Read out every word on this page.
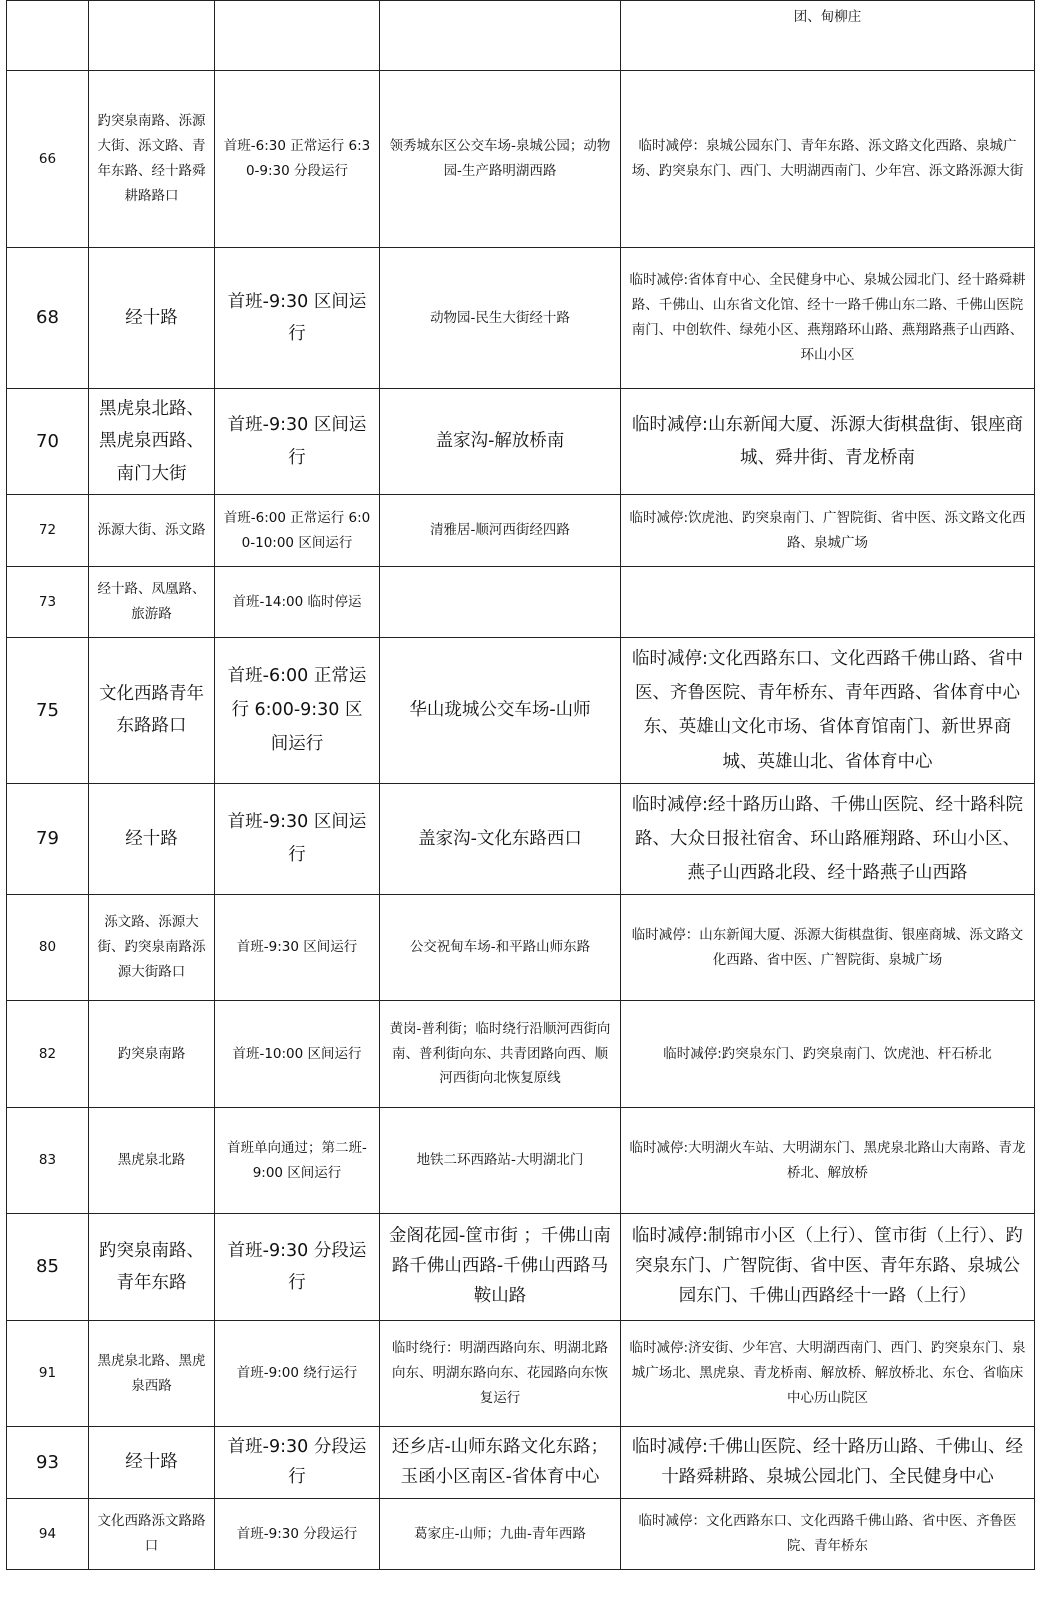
				团、甸柳庄
66	趵突泉南路、泺源大街、泺文路、青年东路、经十路舜耕路路口	首班-6:30 正常运行 6:30-9:30 分段运行	领秀城东区公交车场-泉城公园；动物园-生产路明湖西路	临时减停：泉城公园东门、青年东路、泺文路文化西路、泉城广场、趵突泉东门、西门、大明湖西南门、少年宫、泺文路泺源大街
68	经十路	首班-9:30 区间运行	动物园-民生大街经十路	临时减停:省体育中心、全民健身中心、泉城公园北门、经十路舜耕路、千佛山、山东省文化馆、经十一路千佛山东二路、千佛山医院南门、中创软件、绿苑小区、燕翔路环山路、燕翔路燕子山西路、环山小区
70	黑虎泉北路、黑虎泉西路、南门大街	首班-9:30 区间运行	盖家沟-解放桥南	临时减停:山东新闻大厦、泺源大街棋盘街、银座商城、舜井街、青龙桥南
72	泺源大街、泺文路	首班-6:00 正常运行 6:00-10:00 区间运行	清雅居-顺河西街经四路	临时减停:饮虎池、趵突泉南门、广智院街、省中医、泺文路文化西路、泉城广场
73	经十路、凤凰路、旅游路	首班-14:00 临时停运		
75	文化西路青年东路路口	首班-6:00 正常运行 6:00-9:30 区间运行	华山珑城公交车场-山师	临时减停:文化西路东口、文化西路千佛山路、省中医、齐鲁医院、青年桥东、青年西路、省体育中心东、英雄山文化市场、省体育馆南门、新世界商城、英雄山北、省体育中心
79	经十路	首班-9:30 区间运行	盖家沟-文化东路西口	临时减停:经十路历山路、千佛山医院、经十路科院路、大众日报社宿舍、环山路雁翔路、环山小区、燕子山西路北段、经十路燕子山西路
80	泺文路、泺源大街、趵突泉南路泺源大街路口	首班-9:30 区间运行	公交祝甸车场-和平路山师东路	临时减停：山东新闻大厦、泺源大街棋盘街、银座商城、泺文路文化西路、省中医、广智院街、泉城广场
82	趵突泉南路	首班-10:00 区间运行	黄岗-普利街；临时绕行沿顺河西街向南、普利街向东、共青团路向西、顺河西街向北恢复原线	临时减停:趵突泉东门、趵突泉南门、饮虎池、杆石桥北
83	黑虎泉北路	首班单向通过；第二班-9:00 区间运行	地铁二环西路站-大明湖北门	临时减停:大明湖火车站、大明湖东门、黑虎泉北路山大南路、青龙桥北、解放桥
85	趵突泉南路、青年东路	首班-9:30 分段运行	金阁花园-筐市街 ；千佛山南路千佛山西路-千佛山西路马鞍山路	临时减停:制锦市小区（上行）、筐市街（上行）、趵突泉东门、广智院街、省中医、青年东路、泉城公园东门、千佛山西路经十一路（上行）
91	黑虎泉北路、黑虎泉西路	首班-9:00 绕行运行	临时绕行：明湖西路向东、明湖北路向东、明湖东路向东、花园路向东恢复运行	临时减停:济安街、少年宫、大明湖西南门、西门、趵突泉东门、泉城广场北、黑虎泉、青龙桥南、解放桥、解放桥北、东仓、省临床中心历山院区
93	经十路	首班-9:30 分段运行	还乡店-山师东路文化东路；玉函小区南区-省体育中心	临时减停:千佛山医院、经十路历山路、千佛山、经十路舜耕路、泉城公园北门、全民健身中心
94	文化西路泺文路路口	首班-9:30 分段运行	葛家庄-山师；九曲-青年西路	临时减停：文化西路东口、文化西路千佛山路、省中医、齐鲁医院、青年桥东
